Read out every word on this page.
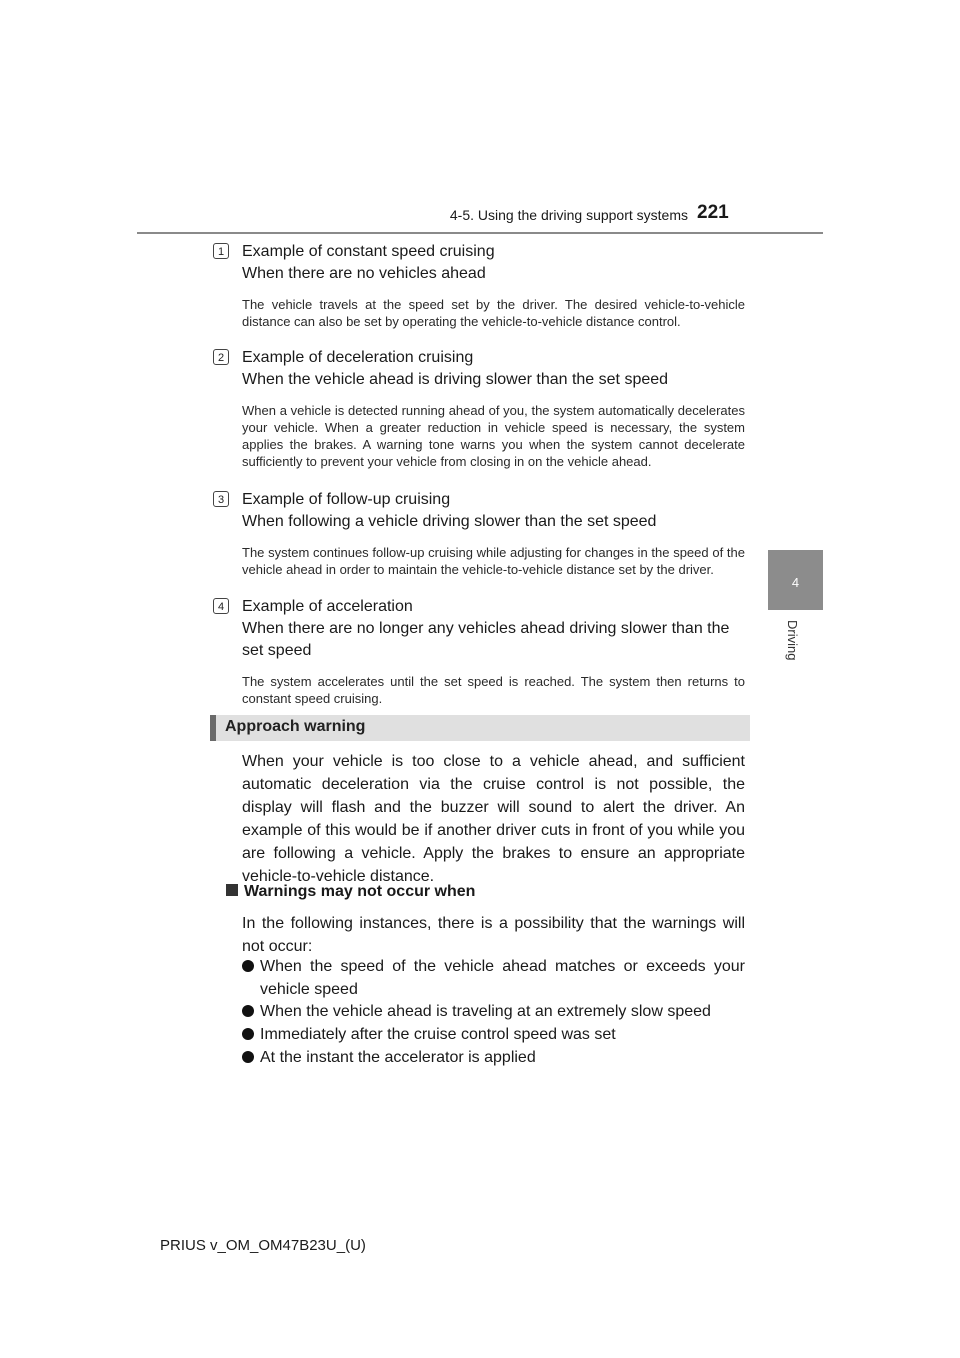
4-5. Using the driving support systems 221
4
Driving
1	Example of constant speed cruising
When there are no vehicles ahead
The vehicle travels at the speed set by the driver. The desired vehicle-to-vehicle distance can also be set by operating the vehicle-to-vehicle distance control.
2	Example of deceleration cruising
When the vehicle ahead is driving slower than the set speed
When a vehicle is detected running ahead of you, the system automatically decelerates your vehicle. When a greater reduction in vehicle speed is necessary, the system applies the brakes. A warning tone warns you when the system cannot decelerate sufficiently to prevent your vehicle from closing in on the vehicle ahead.
3	Example of follow-up cruising
When following a vehicle driving slower than the set speed
The system continues follow-up cruising while adjusting for changes in the speed of the vehicle ahead in order to maintain the vehicle-to-vehicle distance set by the driver.
4	Example of acceleration
When there are no longer any vehicles ahead driving slower than the set speed
The system accelerates until the set speed is reached. The system then returns to constant speed cruising.
Approach warning
When your vehicle is too close to a vehicle ahead, and sufficient automatic deceleration via the cruise control is not possible, the display will flash and the buzzer will sound to alert the driver. An example of this would be if another driver cuts in front of you while you are following a vehicle. Apply the brakes to ensure an appropriate vehicle-to-vehicle distance.
Warnings may not occur when
In the following instances, there is a possibility that the warnings will not occur:
When the speed of the vehicle ahead matches or exceeds your vehicle speed
When the vehicle ahead is traveling at an extremely slow speed
Immediately after the cruise control speed was set
At the instant the accelerator is applied
PRIUS v_OM_OM47B23U_(U)
